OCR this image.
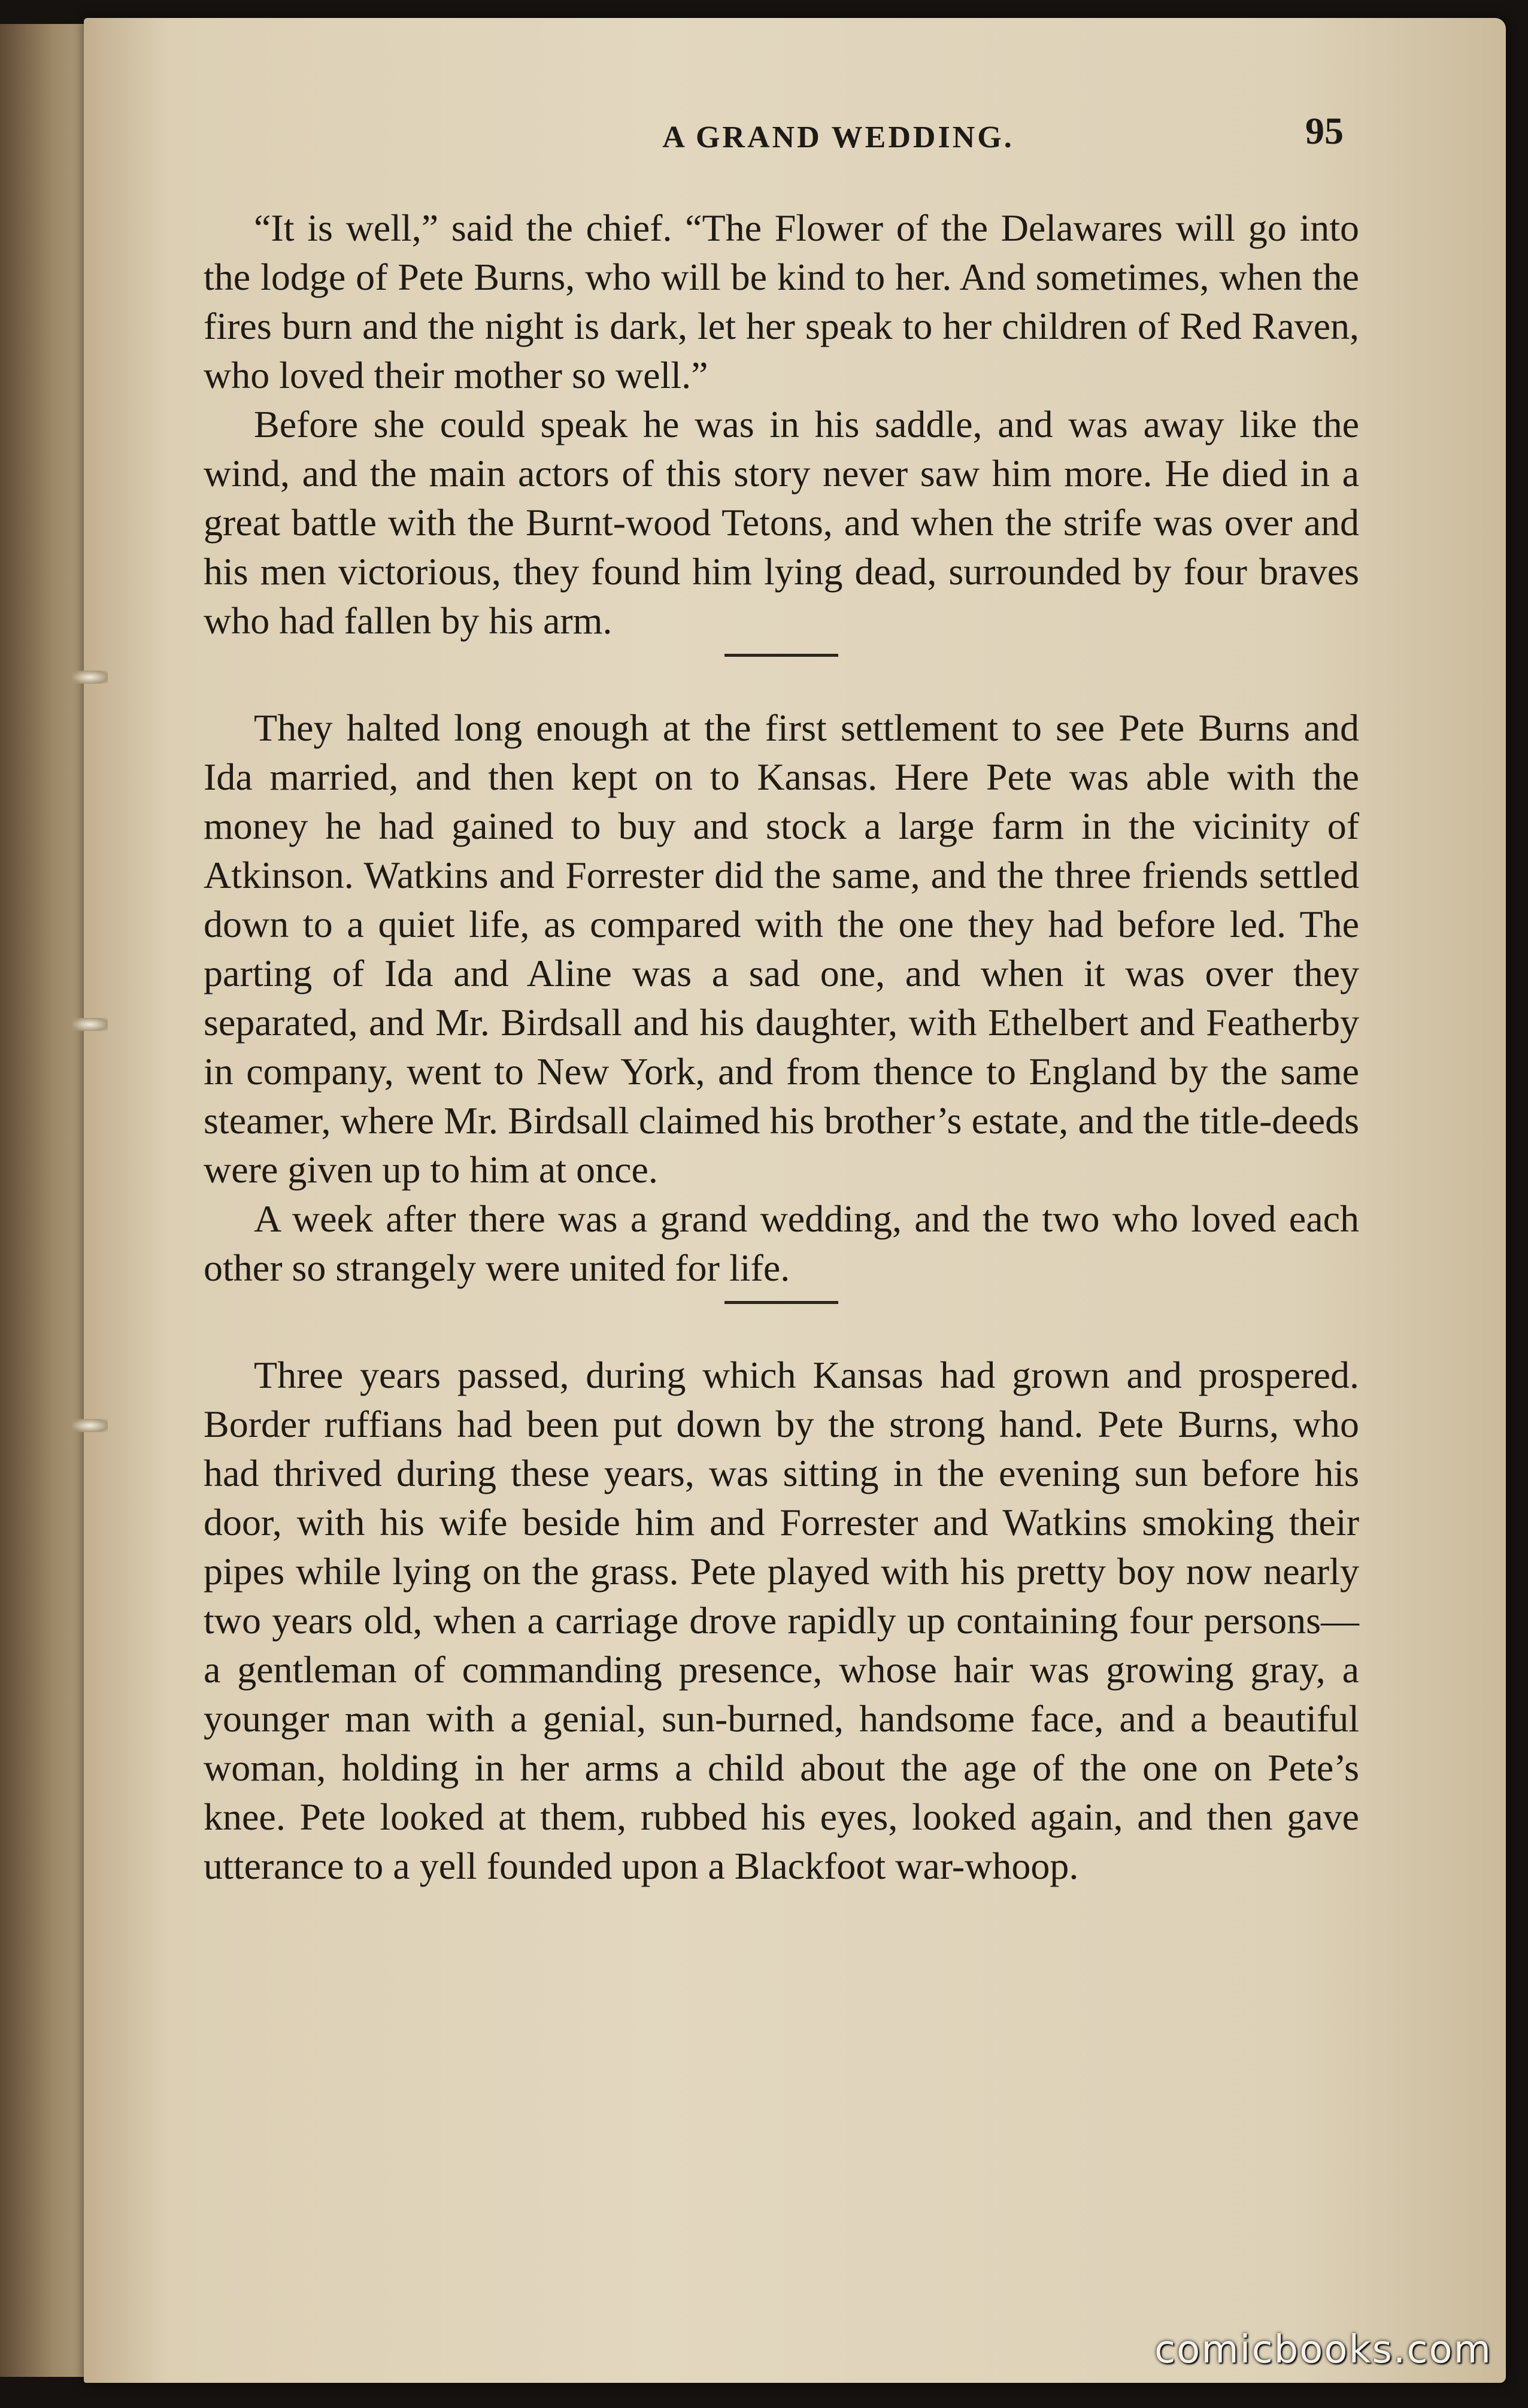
A GRAND WEDDING.	95

“It is well,” said the chief. “The Flower of the Delawares will go into the lodge of Pete Burns, who will be kind to her. And sometimes, when the fires burn and the night is dark, let her speak to her children of Red Raven, who loved their mother so well.”

Before she could speak he was in his saddle, and was away like the wind, and the main actors of this story never saw him more. He died in a great battle with the Burnt-wood Tetons, and when the strife was over and his men victorious, they found him lying dead, surrounded by four braves who had fallen by his arm.

They halted long enough at the first settlement to see Pete Burns and Ida married, and then kept on to Kansas. Here Pete was able with the money he had gained to buy and stock a large farm in the vicinity of Atkinson. Watkins and Forrester did the same, and the three friends settled down to a quiet life, as compared with the one they had before led. The parting of Ida and Aline was a sad one, and when it was over they separated, and Mr. Birdsall and his daughter, with Ethelbert and Featherby in company, went to New York, and from thence to England by the same steamer, where Mr. Birdsall claimed his brother’s estate, and the title-deeds were given up to him at once.

A week after there was a grand wedding, and the two who loved each other so strangely were united for life.

Three years passed, during which Kansas had grown and prospered. Border ruffians had been put down by the strong hand. Pete Burns, who had thrived during these years, was sitting in the evening sun before his door, with his wife beside him and Forrester and Watkins smoking their pipes while lying on the grass. Pete played with his pretty boy now nearly two years old, when a carriage drove rapidly up containing four persons—a gentleman of commanding presence, whose hair was growing gray, a younger man with a genial, sun-burned, handsome face, and a beautiful woman, holding in her arms a child about the age of the one on Pete’s knee. Pete looked at them, rubbed his eyes, looked again, and then gave utterance to a yell founded upon a Blackfoot war-whoop.

comicbooks.com
